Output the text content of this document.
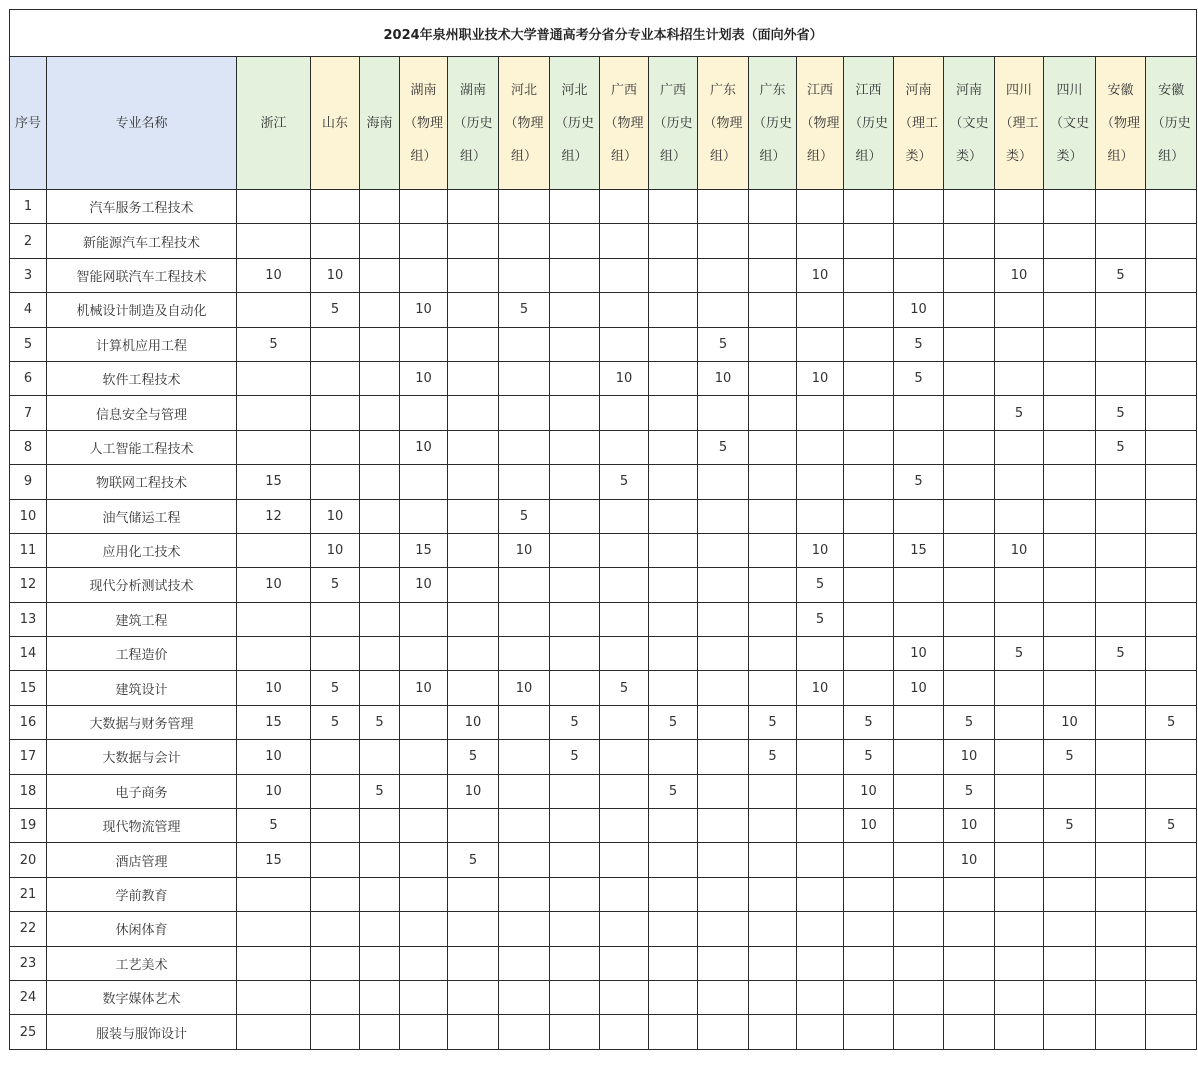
2024年泉州职业技术大学普通高考分省分专业本科招生计划表（面向外省）																				
序号	专业名称	浙江	山东	海南	湖南（物理组）	湖南（历史组）	河北（物理组）	河北（历史组）	广西（物理组）	广西（历史组）	广东（物理组）	广东（历史组）	江西（物理组）	江西（历史组）	河南（理工类）	河南（文史类）	四川（理工类）	四川（文史类）	安徽（物理组）	安徽（历史组）
1	汽车服务工程技术																			
2	新能源汽车工程技术																			
3	智能网联汽车工程技术	10	10										10				10		5	
4	机械设计制造及自动化		5		10		5								10					
5	计算机应用工程	5									5				5					
6	软件工程技术				10				10		10		10		5					
7	信息安全与管理																5		5	
8	人工智能工程技术				10						5								5	
9	物联网工程技术	15							5						5					
10	油气储运工程	12	10				5													
11	应用化工技术		10		15		10						10		15		10			
12	现代分析测试技术	10	5		10								5							
13	建筑工程												5							
14	工程造价														10		5		5	
15	建筑设计	10	5		10		10		5				10		10					
16	大数据与财务管理	15	5	5		10		5		5		5		5		5		10		5
17	大数据与会计	10				5		5				5		5		10		5		
18	电子商务	10		5		10				5				10		5				
19	现代物流管理	5												10		10		5		5
20	酒店管理	15				5										10				
21	学前教育																			
22	休闲体育																			
23	工艺美术																			
24	数字媒体艺术																			
25	服装与服饰设计																			
